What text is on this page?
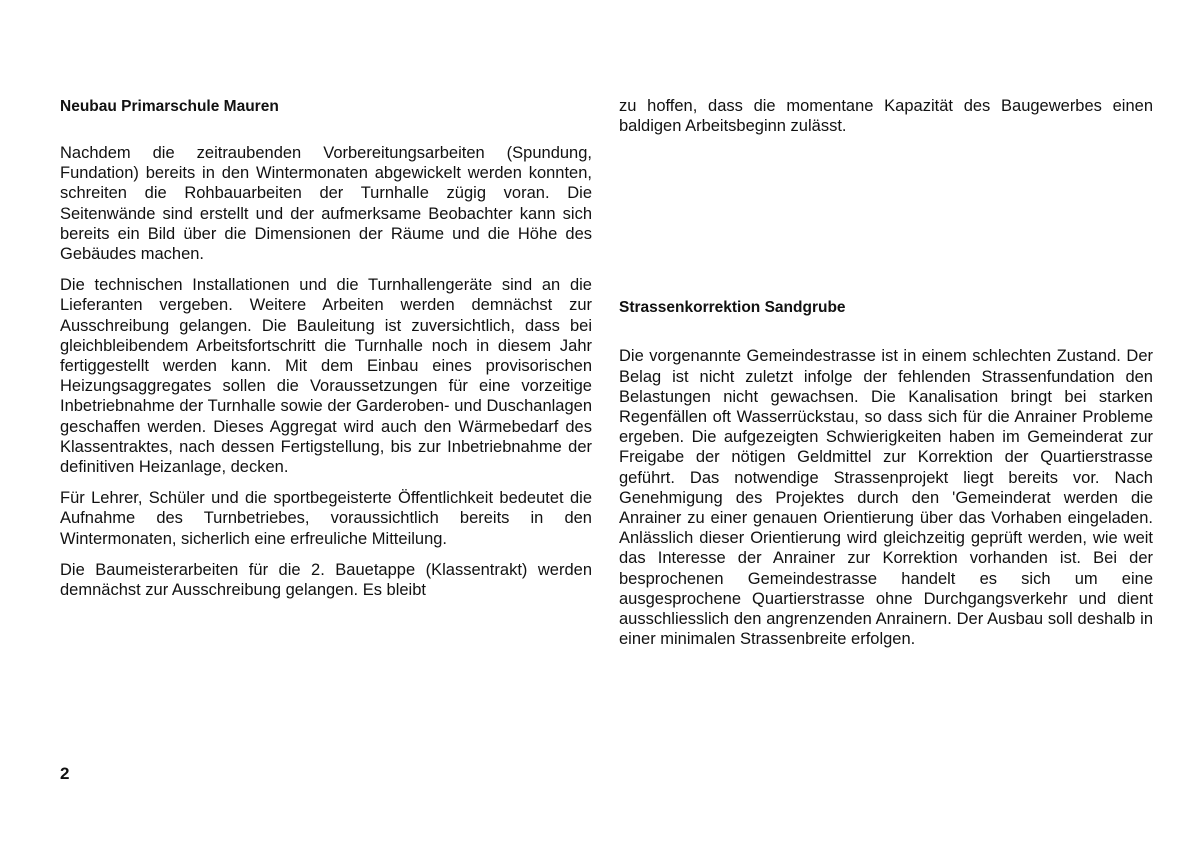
Neubau Primarschule Mauren

Nachdem die zeitraubenden Vorbereitungsarbeiten (Spundung, Fundation) bereits in den Wintermonaten abgewickelt werden konnten, schreiten die Rohbauarbeiten der Turnhalle zügig voran. Die Seitenwände sind erstellt und der aufmerksame Beobachter kann sich bereits ein Bild über die Dimensionen der Räume und die Höhe des Gebäudes machen.

Die technischen Installationen und die Turnhallengeräte sind an die Lieferanten vergeben. Weitere Arbeiten werden demnächst zur Ausschreibung gelangen. Die Bauleitung ist zuversichtlich, dass bei gleichbleibendem Arbeitsfortschritt die Turnhalle noch in diesem Jahr fertiggestellt werden kann. Mit dem Einbau eines provisorischen Heizungsaggregates sollen die Voraussetzungen für eine vorzeitige Inbetriebnahme der Turnhalle sowie der Garderoben- und Duschanlagen geschaffen werden. Dieses Aggregat wird auch den Wärmebedarf des Klassentraktes, nach dessen Fertigstellung, bis zur Inbetriebnahme der definitiven Heizanlage, decken.

Für Lehrer, Schüler und die sportbegeisterte Öffentlichkeit bedeutet die Aufnahme des Turnbetriebes, voraussichtlich bereits in den Wintermonaten, sicherlich eine erfreuliche Mitteilung.

Die Baumeisterarbeiten für die 2. Bauetappe (Klassentrakt) werden demnächst zur Ausschreibung gelangen. Es bleibt

zu hoffen, dass die momentane Kapazität des Baugewerbes einen baldigen Arbeitsbeginn zulässt.

Strassenkorrektion Sandgrube

Die vorgenannte Gemeindestrasse ist in einem schlechten Zustand. Der Belag ist nicht zuletzt infolge der fehlenden Strassenfundation den Belastungen nicht gewachsen. Die Kanalisation bringt bei starken Regenfällen oft Wasserrückstau, so dass sich für die Anrainer Probleme ergeben. Die aufgezeigten Schwierigkeiten haben im Gemeinderat zur Freigabe der nötigen Geldmittel zur Korrektion der Quartierstrasse geführt. Das notwendige Strassenprojekt liegt bereits vor. Nach Genehmigung des Projektes durch den 'Gemeinderat werden die Anrainer zu einer genauen Orientierung über das Vorhaben eingeladen. Anlässlich dieser Orientierung wird gleichzeitig geprüft werden, wie weit das Interesse der Anrainer zur Korrektion vorhanden ist. Bei der besprochenen Gemeindestrasse handelt es sich um eine ausgesprochene Quartierstrasse ohne Durchgangsverkehr und dient ausschliesslich den angrenzenden Anrainern. Der Ausbau soll deshalb in einer minimalen Strassenbreite erfolgen.

2
